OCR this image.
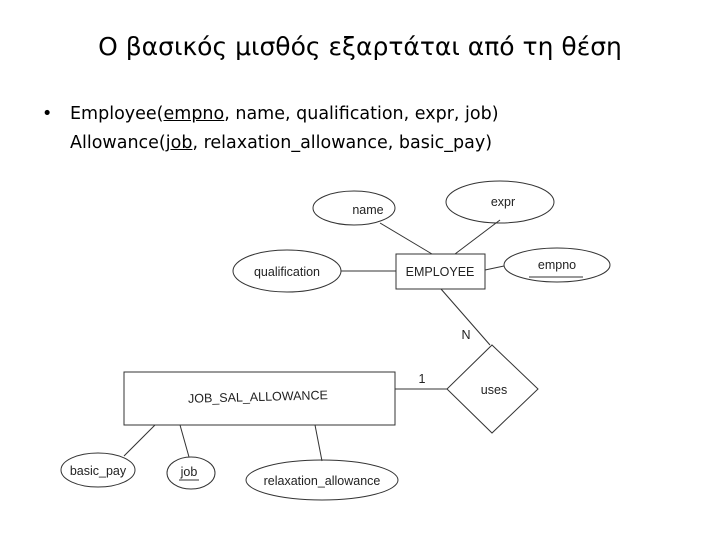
Ο βασικός μισθός εξαρτάται από τη θέση
•	Employee(empno, name, qualification, expr, job)
Allowance(job, relaxation_allowance, basic_pay)
name
expr
qualification	empno
EMPLOYEE
N
1
uses
JOB_SAL_ALLOWANCE
basic_pay	job
relaxation_allowance
